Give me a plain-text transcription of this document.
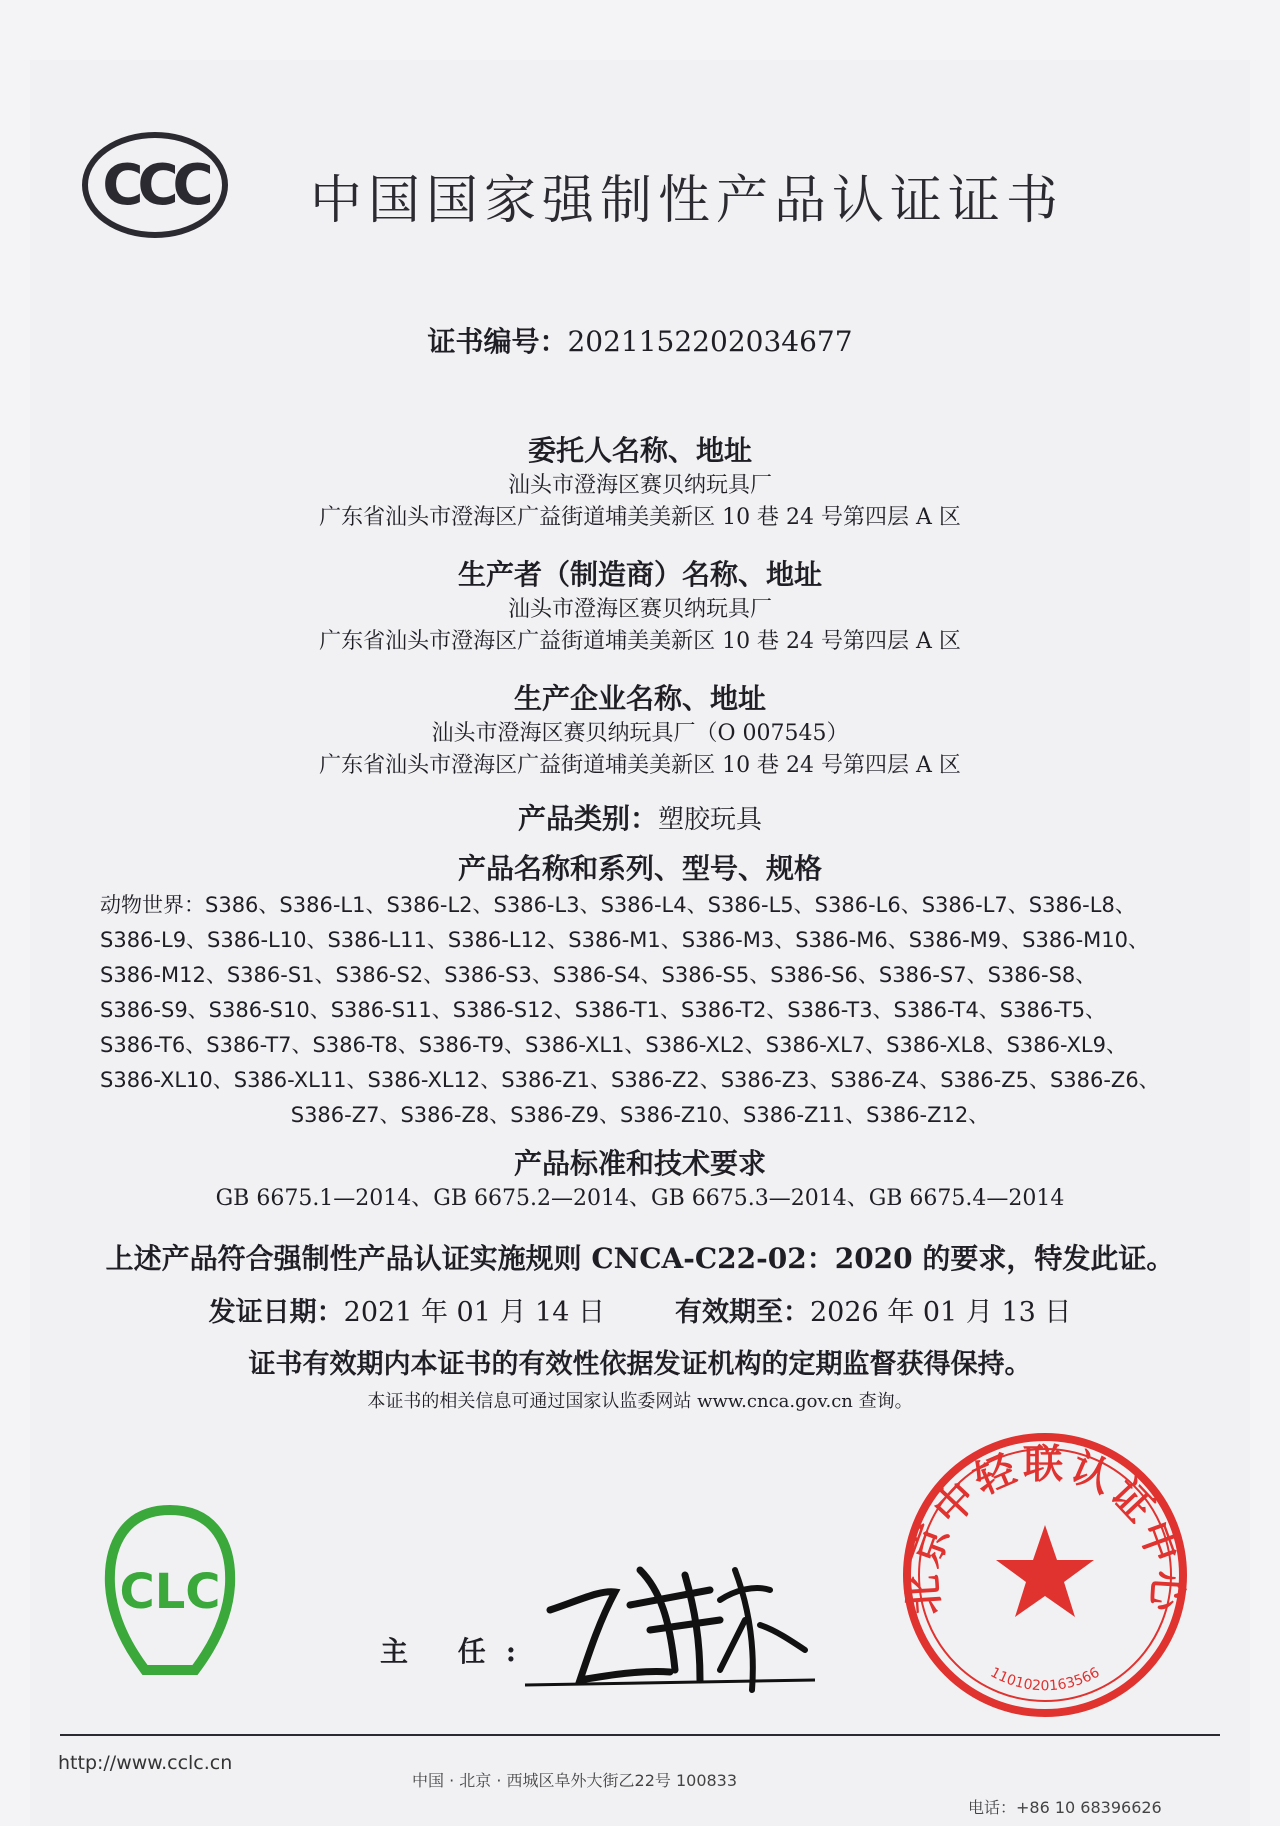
CCC 中国国家强制性产品认证证书
证书编号：2021152202034677
委托人名称、地址
汕头市澄海区赛贝纳玩具厂
广东省汕头市澄海区广益街道埔美美新区 10 巷 24 号第四层 A 区
生产者（制造商）名称、地址
汕头市澄海区赛贝纳玩具厂
广东省汕头市澄海区广益街道埔美美新区 10 巷 24 号第四层 A 区
生产企业名称、地址
汕头市澄海区赛贝纳玩具厂（O 007545）
广东省汕头市澄海区广益街道埔美美新区 10 巷 24 号第四层 A 区
产品类别：塑胶玩具
产品名称和系列、型号、规格
动物世界：S386、S386-L1、S386-L2、S386-L3、S386-L4、S386-L5、S386-L6、S386-L7、S386-L8、
S386-L9、S386-L10、S386-L11、S386-L12、S386-M1、S386-M3、S386-M6、S386-M9、S386-M10、
S386-M12、S386-S1、S386-S2、S386-S3、S386-S4、S386-S5、S386-S6、S386-S7、S386-S8、
S386-S9、S386-S10、S386-S11、S386-S12、S386-T1、S386-T2、S386-T3、S386-T4、S386-T5、
S386-T6、S386-T7、S386-T8、S386-T9、S386-XL1、S386-XL2、S386-XL7、S386-XL8、S386-XL9、
S386-XL10、S386-XL11、S386-XL12、S386-Z1、S386-Z2、S386-Z3、S386-Z4、S386-Z5、S386-Z6、
S386-Z7、S386-Z8、S386-Z9、S386-Z10、S386-Z11、S386-Z12、
产品标准和技术要求
GB 6675.1—2014、GB 6675.2—2014、GB 6675.3—2014、GB 6675.4—2014
上述产品符合强制性产品认证实施规则 CNCA-C22-02：2020 的要求，特发此证。
发证日期：2021 年 01 月 14 日	有效期至：2026 年 01 月 13 日
证书有效期内本证书的有效性依据发证机构的定期监督获得保持。
本证书的相关信息可通过国家认监委网站 www.cnca.gov.cn 查询。
CLC
主 任:
北京中轻联认证中心
1101020163566
http://www.cclc.cn
中国 · 北京 · 西城区阜外大街乙22号 100833
电话：+86 10 68396626
